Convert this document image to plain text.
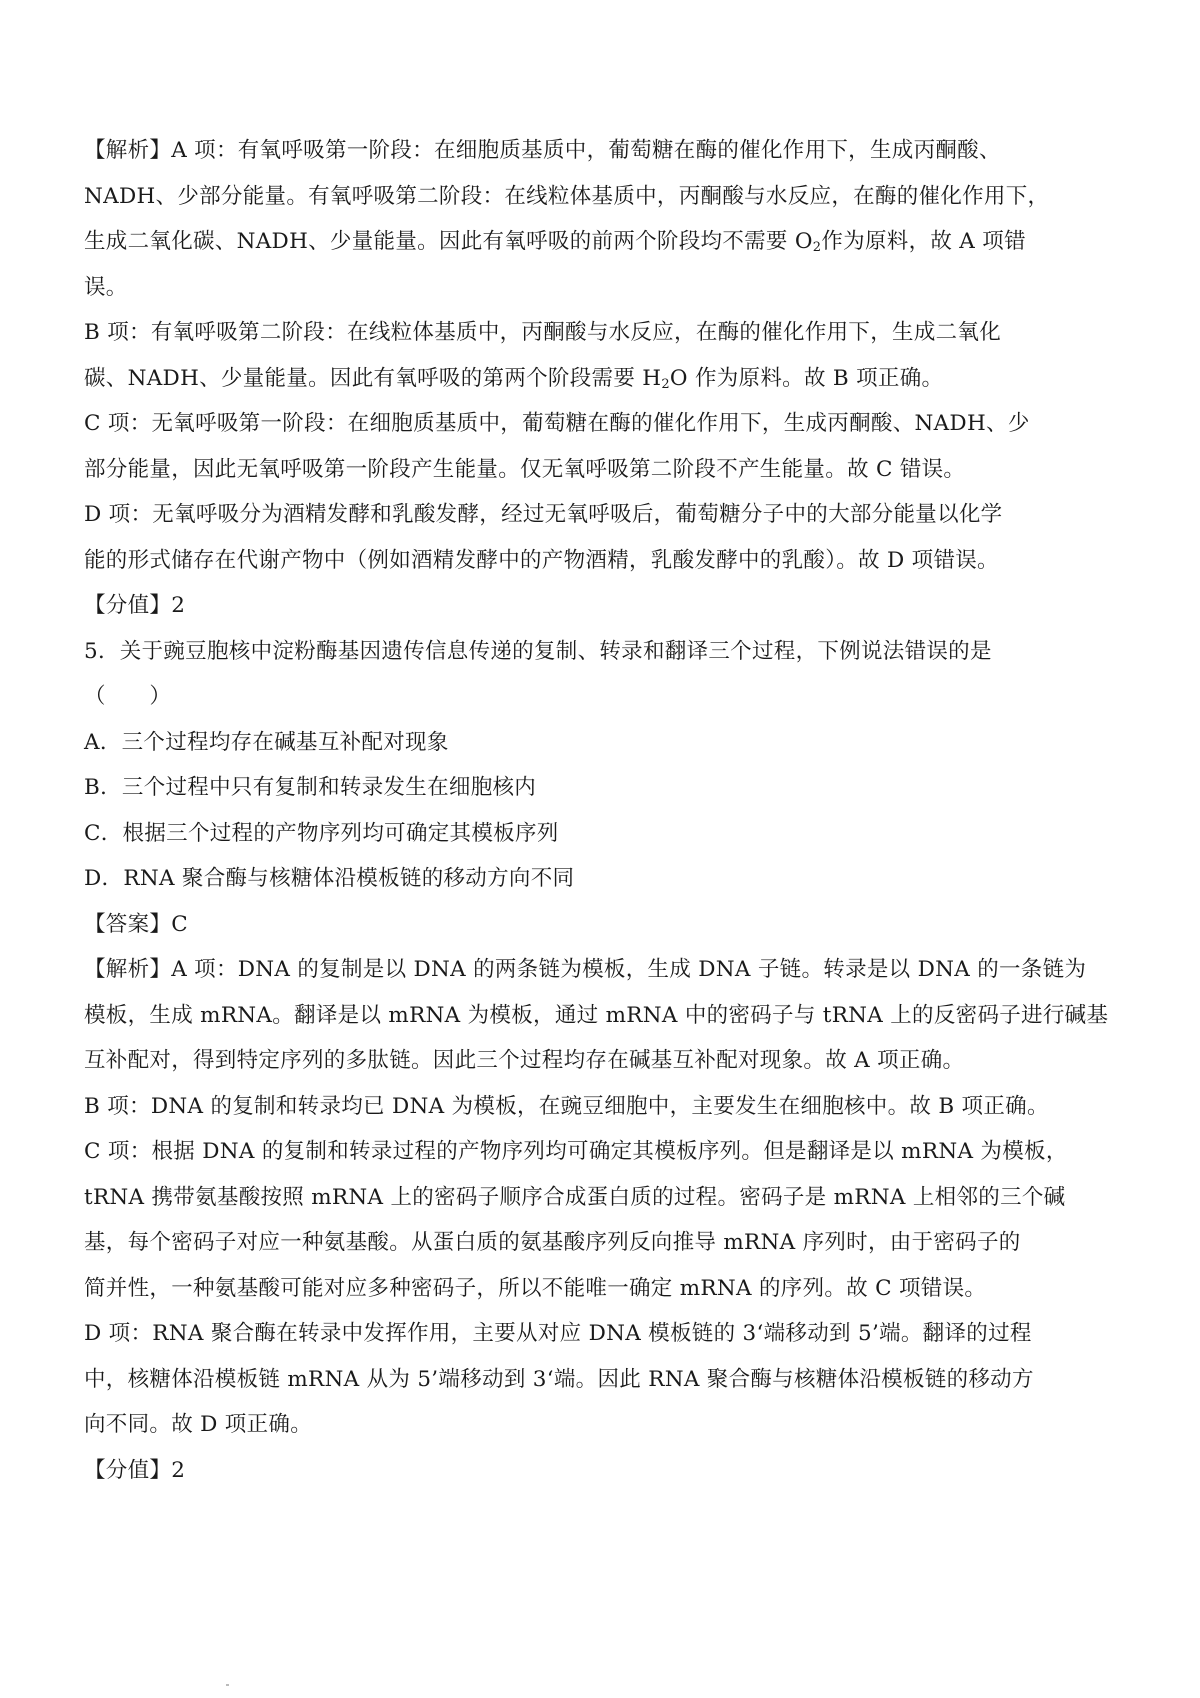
【解析】A 项：有氧呼吸第一阶段：在细胞质基质中，葡萄糖在酶的催化作用下，生成丙酮酸、
NADH、少部分能量。有氧呼吸第二阶段：在线粒体基质中，丙酮酸与水反应，在酶的催化作用下，
生成二氧化碳、NADH、少量能量。因此有氧呼吸的前两个阶段均不需要 $O_2$作为原料，故 A 项错
误。
B 项：有氧呼吸第二阶段：在线粒体基质中，丙酮酸与水反应，在酶的催化作用下，生成二氧化
碳、NADH、少量能量。因此有氧呼吸的第两个阶段需要 $H_2O$ 作为原料。故 B 项正确。
C 项：无氧呼吸第一阶段：在细胞质基质中，葡萄糖在酶的催化作用下，生成丙酮酸、NADH、少
部分能量，因此无氧呼吸第一阶段产生能量。仅无氧呼吸第二阶段不产生能量。故 C 错误。
D 项：无氧呼吸分为酒精发酵和乳酸发酵，经过无氧呼吸后，葡萄糖分子中的大部分能量以化学
能的形式储存在代谢产物中（例如酒精发酵中的产物酒精，乳酸发酵中的乳酸）。故 D 项错误。
【分值】2
5．关于豌豆胞核中淀粉酶基因遗传信息传递的复制、转录和翻译三个过程，下例说法错误的是
（　　）
A．三个过程均存在碱基互补配对现象
B．三个过程中只有复制和转录发生在细胞核内
C．根据三个过程的产物序列均可确定其模板序列
D．RNA 聚合酶与核糖体沿模板链的移动方向不同
【答案】C
【解析】A 项：DNA 的复制是以 DNA 的两条链为模板，生成 DNA 子链。转录是以 DNA 的一条链为
模板，生成 mRNA。翻译是以 mRNA 为模板，通过 mRNA 中的密码子与 tRNA 上的反密码子进行碱基
互补配对，得到特定序列的多肽链。因此三个过程均存在碱基互补配对现象。故 A 项正确。
B 项：DNA 的复制和转录均已 DNA 为模板，在豌豆细胞中，主要发生在细胞核中。故 B 项正确。
C 项：根据 DNA 的复制和转录过程的产物序列均可确定其模板序列。但是翻译是以 mRNA 为模板，
tRNA 携带氨基酸按照 mRNA 上的密码子顺序合成蛋白质的过程。密码子是 mRNA 上相邻的三个碱
基，每个密码子对应一种氨基酸。从蛋白质的氨基酸序列反向推导 mRNA 序列时，由于密码子的
简并性，一种氨基酸可能对应多种密码子，所以不能唯一确定 mRNA 的序列。故 C 项错误。
D 项：RNA 聚合酶在转录中发挥作用，主要从对应 DNA 模板链的 3‘端移动到 5’端。翻译的过程
中，核糖体沿模板链 mRNA 从为 5’端移动到 3‘端。因此 RNA 聚合酶与核糖体沿模板链的移动方
向不同。故 D 项正确。
【分值】2
